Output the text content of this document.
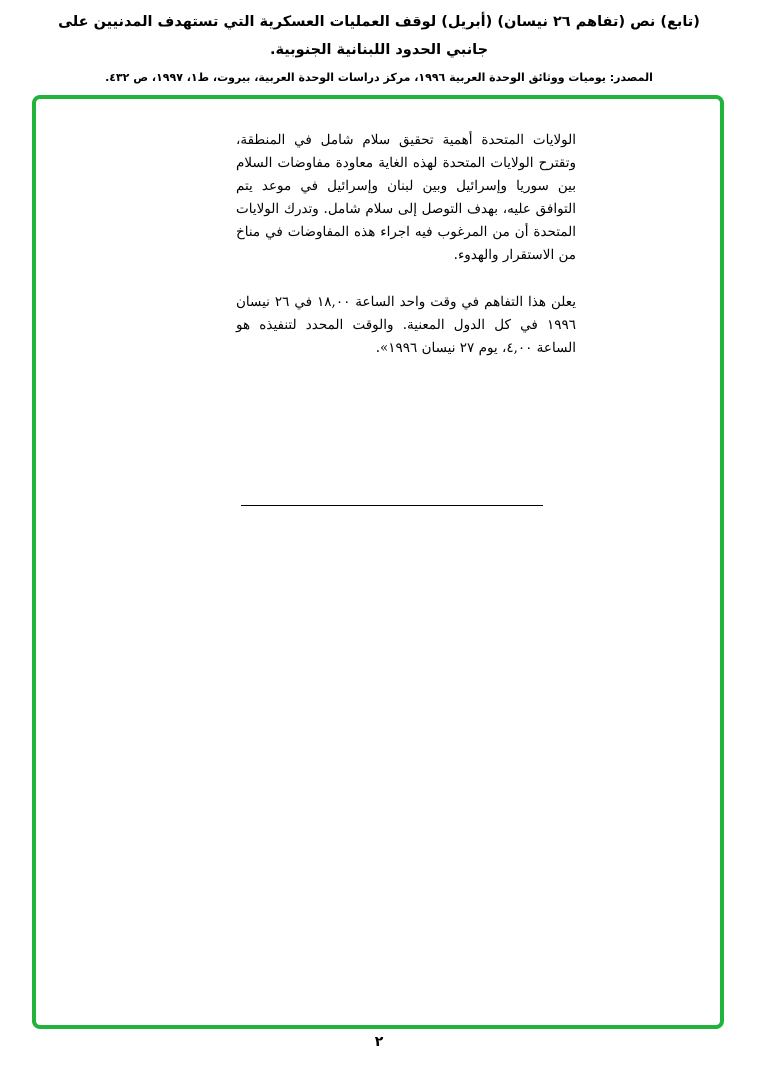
(تابع) نص (تفاهم ٢٦ نيسان) (أبريل) لوقف العمليات العسكرية التي تستهدف المدنيين على جانبي الحدود اللبنانية الجنوبية.

المصدر: يوميات ووثائق الوحدة العربية ١٩٩٦، مركز دراسات الوحدة العربية، بيروت، ط١، ١٩٩٧، ص ٤٣٢.

الولايات المتحدة أهمية تحقيق سلام شامل في المنطقة، وتقترح الولايات المتحدة لهذه الغاية معاودة مفاوضات السلام بين سوريا وإسرائيل وبين لبنان وإسرائيل في موعد يتم التوافق عليه، بهدف التوصل إلى سلام شامل. وتدرك الولايات المتحدة أن من المرغوب فيه اجراء هذه المفاوضات في مناخ من الاستقرار والهدوء.

يعلن هذا التفاهم في وقت واحد الساعة ١٨,٠٠ في ٢٦ نيسان ١٩٩٦ في كل الدول المعنية. والوقت المحدد لتنفيذه هو الساعة ٤,٠٠، يوم ٢٧ نيسان ١٩٩٦».

٢
